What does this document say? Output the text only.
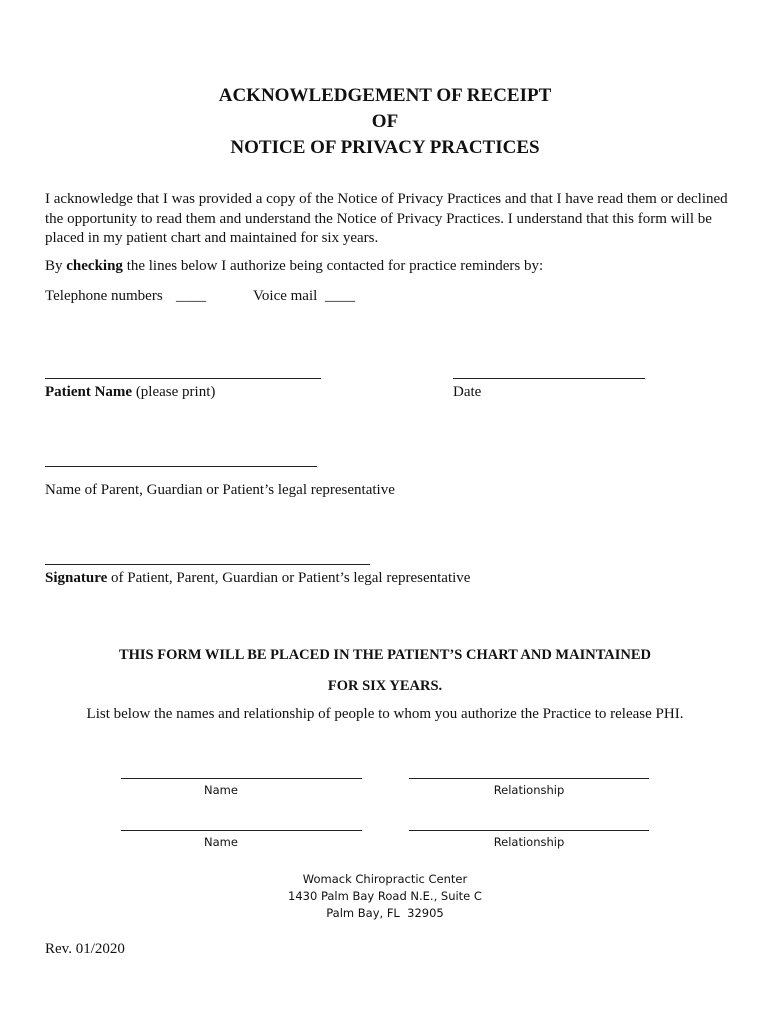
ACKNOWLEDGEMENT OF RECEIPT
OF
NOTICE OF PRIVACY PRACTICES
I acknowledge that I was provided a copy of the Notice of Privacy Practices and that I have read them or declined the opportunity to read them and understand the Notice of Privacy Practices. I understand that this form will be placed in my patient chart and maintained for six years.
By checking the lines below I authorize being contacted for practice reminders by:
Telephone numbers ____	Voice mail ____
Patient Name (please print)	Date
Name of Parent, Guardian or Patient’s legal representative
Signature of Patient, Parent, Guardian or Patient’s legal representative
THIS FORM WILL BE PLACED IN THE PATIENT’S CHART AND MAINTAINED
FOR SIX YEARS.
List below the names and relationship of people to whom you authorize the Practice to release PHI.
Name	Relationship
Name	Relationship
Womack Chiropractic Center
1430 Palm Bay Road N.E., Suite C
Palm Bay, FL  32905
Rev. 01/2020
